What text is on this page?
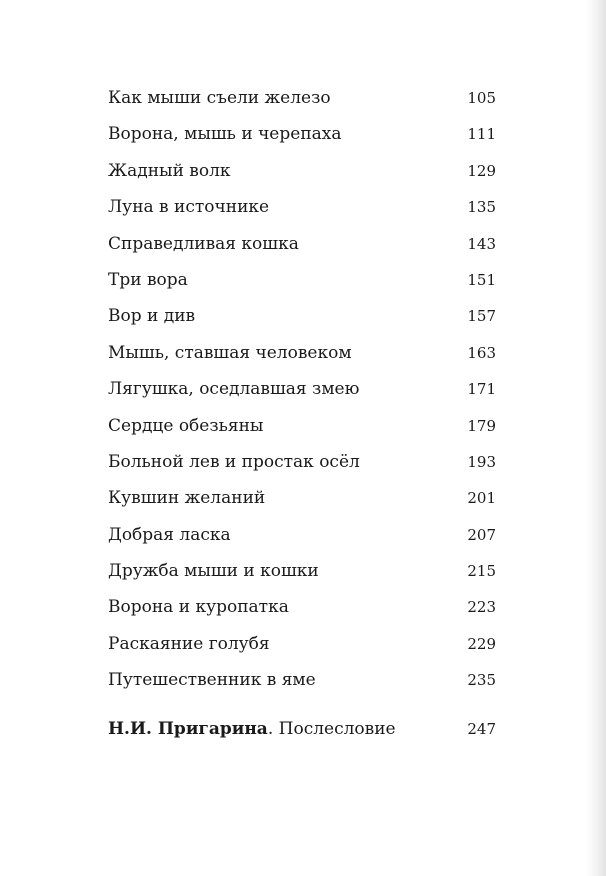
Как мыши съели железо	105
Ворона, мышь и черепаха	111
Жадный волк	129
Луна в источнике	135
Справедливая кошка	143
Три вора	151
Вор и див	157
Мышь, ставшая человеком	163
Лягушка, оседлавшая змею	171
Сердце обезьяны	179
Больной лев и простак осёл	193
Кувшин желаний	201
Добрая ласка	207
Дружба мыши и кошки	215
Ворона и куропатка	223
Раскаяние голубя	229
Путешественник в яме	235
Н.И. Пригарина. Послесловие	247
